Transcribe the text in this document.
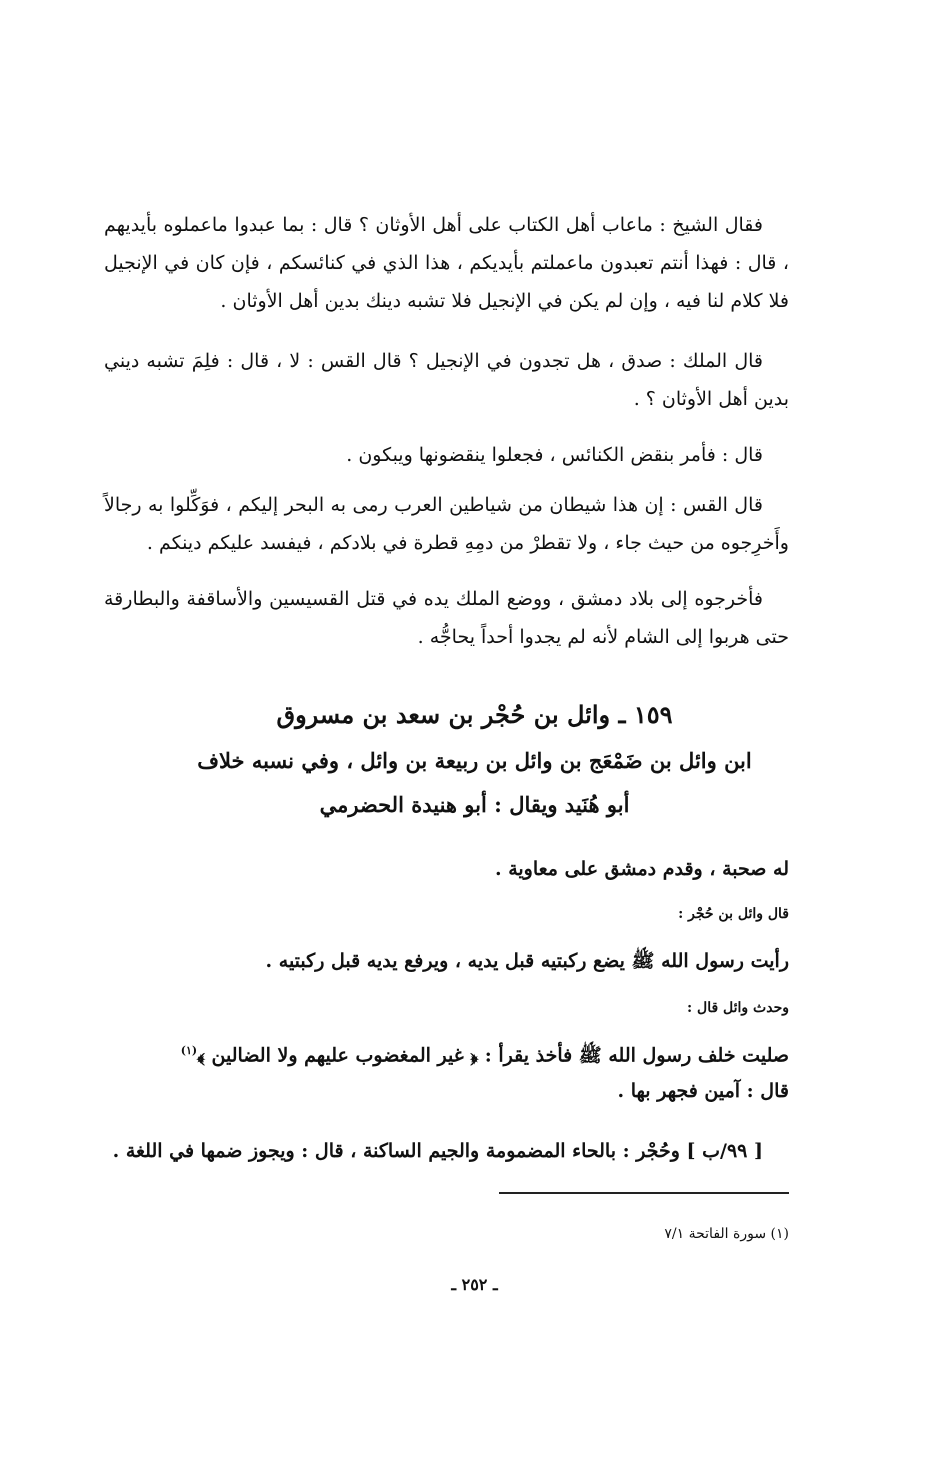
فقال الشيخ : ماعاب أهل الكتاب على أهل الأوثان ؟ قال : بما عبدوا ماعملوه بأيديهم ، قال : فهذا أنتم تعبدون ماعملتم بأيديكم ، هذا الذي في كنائسكم ، فإن كان في الإنجيل فلا كلام لنا فيه ، وإن لم يكن في الإنجيل فلا تشبه دينك بدين أهل الأوثان .

قال الملك : صدق ، هل تجدون في الإنجيل ؟ قال القس : لا ، قال : فلِمَ تشبه ديني بدين أهل الأوثان ؟ .

قال : فأمر بنقض الكنائس ، فجعلوا ينقضونها ويبكون .

قال القس : إن هذا شيطان من شياطين العرب رمى به البحر إليكم ، فوَكِّلوا به رجالاً وأَخرِجوه من حيث جاء ، ولا تقطرْ من دمِهِ قطرة في بلادكم ، فيفسد عليكم دينكم .

فأخرجوه إلى بلاد دمشق ، ووضع الملك يده في قتل القسيسين والأساقفة والبطارقة حتى هربوا إلى الشام لأنه لم يجدوا أحداً يحاجُّه .

١٥٩ ـ وائل بن حُجْر بن سعد بن مسروق
ابن وائل بن ضَمْعَج بن وائل بن ربيعة بن وائل ، وفي نسبه خلاف
أبو هُنَيد ويقال : أبو هنيدة الحضرمي

له صحبة ، وقدم دمشق على معاوية .

قال وائل بن حُجْر :

رأيت رسول الله ﷺ يضع ركبتيه قبل يديه ، ويرفع يديه قبل ركبتيه .

وحدث وائل قال :

صليت خلف رسول الله ﷺ فأخذ يقرأ : ﴿ غير المغضوب عليهم ولا الضالين ﴾$^{(١)}$

قال : آمين فجهر بها .

[ ٩٩/ب ] وحُجْر : بالحاء المضمومة والجيم الساكنة ، قال : ويجوز ضمها في اللغة .

(١) سورة الفاتحة ٧/١

ـ ٢٥٢ ـ
